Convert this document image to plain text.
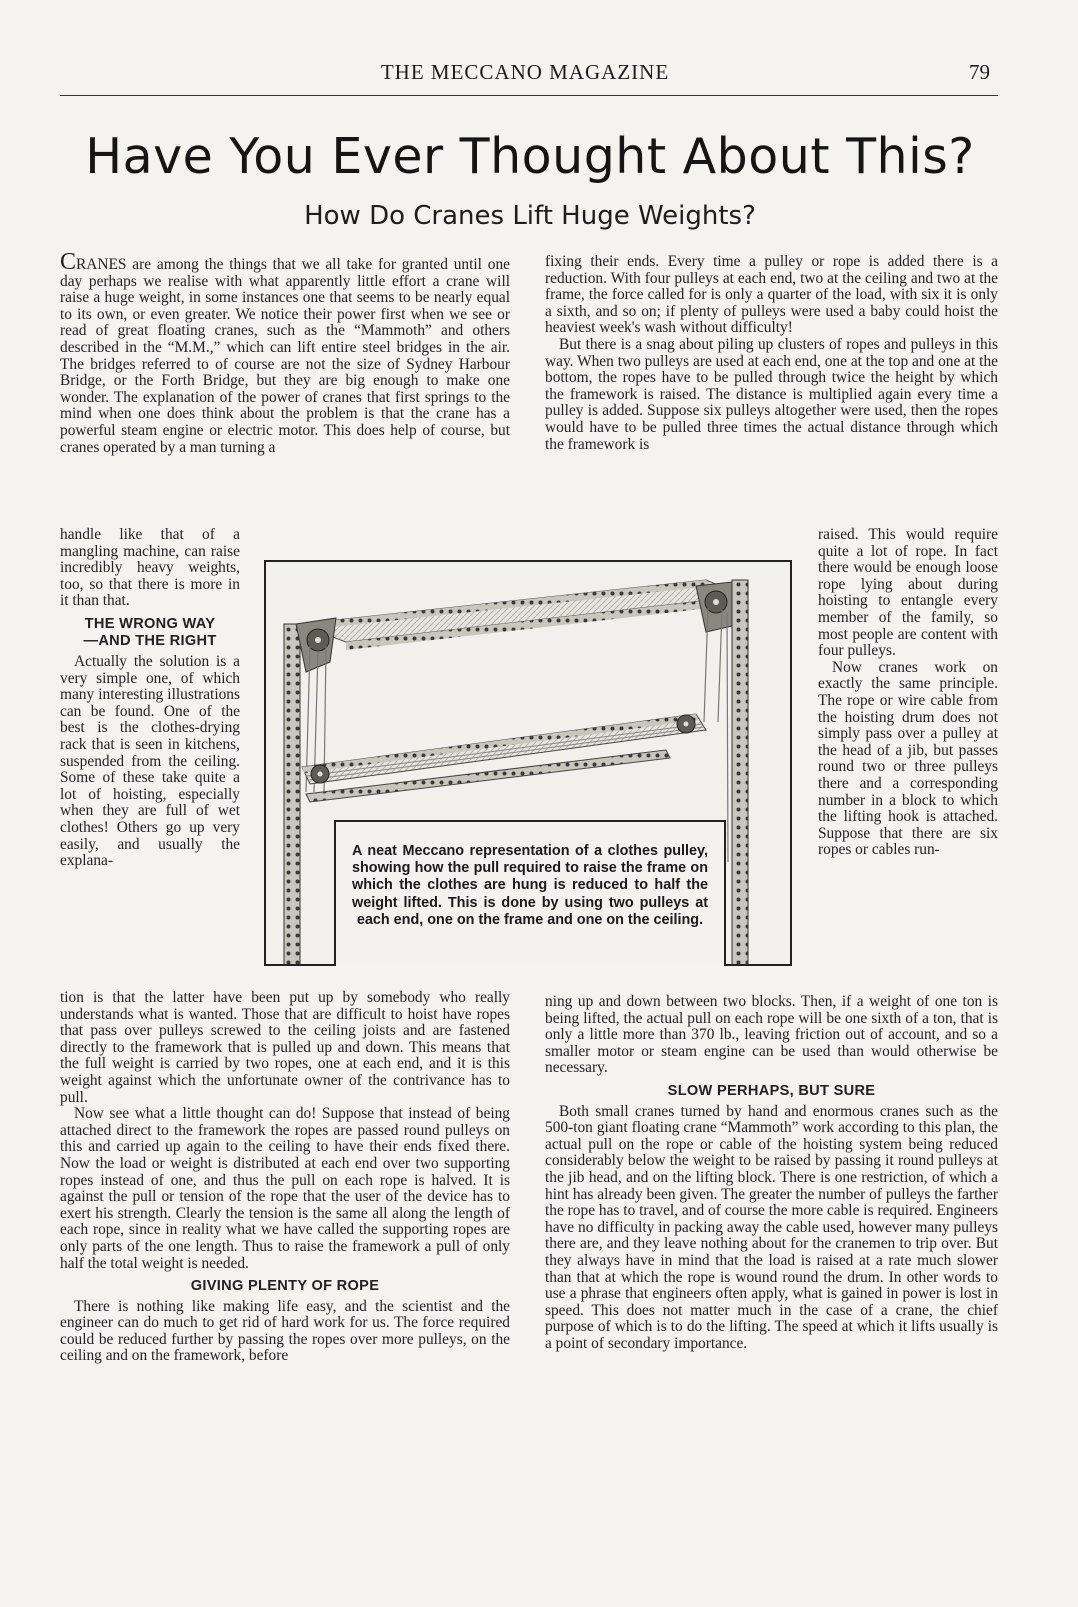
THE MECCANO MAGAZINE	79
Have You Ever Thought About This?
How Do Cranes Lift Huge Weights?

CRANES are among the things that we all take for granted until one day perhaps we realise with what apparently little effort a crane will raise a huge weight, in some instances one that seems to be nearly equal to its own, or even greater. We notice their power first when we see or read of great floating cranes, such as the “Mammoth” and others described in the “M.M.,” which can lift entire steel bridges in the air. The bridges referred to of course are not the size of Sydney Harbour Bridge, or the Forth Bridge, but they are big enough to make one wonder. The explanation of the power of cranes that first springs to the mind when one does think about the problem is that the crane has a powerful steam engine or electric motor. This does help of course, but cranes operated by a man turning a

handle like that of a mangling machine, can raise incredibly heavy weights, too, so that there is more in it than that.

THE WRONG WAY—AND THE RIGHT

Actually the solution is a very simple one, of which many interesting illustrations can be found. One of the best is the clothes-drying rack that is seen in kitchens, suspended from the ceiling. Some of these take quite a lot of hoisting, especially when they are full of wet clothes! Others go up very easily, and usually the explana-

tion is that the latter have been put up by somebody who really understands what is wanted. Those that are difficult to hoist have ropes that pass over pulleys screwed to the ceiling joists and are fastened directly to the framework that is pulled up and down. This means that the full weight is carried by two ropes, one at each end, and it is this weight against which the unfortunate owner of the contrivance has to pull.

Now see what a little thought can do! Suppose that instead of being attached direct to the framework the ropes are passed round pulleys on this and carried up again to the ceiling to have their ends fixed there. Now the load or weight is distributed at each end over two supporting ropes instead of one, and thus the pull on each rope is halved. It is against the pull or tension of the rope that the user of the device has to exert his strength. Clearly the tension is the same all along the length of each rope, since in reality what we have called the supporting ropes are only parts of the one length. Thus to raise the framework a pull of only half the total weight is needed.

GIVING PLENTY OF ROPE

There is nothing like making life easy, and the scientist and the engineer can do much to get rid of hard work for us. The force required could be reduced further by passing the ropes over more pulleys, on the ceiling and on the framework, before

fixing their ends. Every time a pulley or rope is added there is a reduction. With four pulleys at each end, two at the ceiling and two at the frame, the force called for is only a quarter of the load, with six it is only a sixth, and so on; if plenty of pulleys were used a baby could hoist the heaviest week's wash without difficulty!

But there is a snag about piling up clusters of ropes and pulleys in this way. When two pulleys are used at each end, one at the top and one at the bottom, the ropes have to be pulled through twice the height by which the framework is raised. The distance is multiplied again every time a pulley is added. Suppose six pulleys altogether were used, then the ropes would have to be pulled three times the actual distance through which the framework is

raised. This would require quite a lot of rope. In fact there would be enough loose rope lying about during hoisting to entangle every member of the family, so most people are content with four pulleys.

Now cranes work on exactly the same principle. The rope or wire cable from the hoisting drum does not simply pass over a pulley at the head of a jib, but passes round two or three pulleys there and a corresponding number in a block to which the lifting hook is attached. Suppose that there are six ropes or cables run-

ning up and down between two blocks. Then, if a weight of one ton is being lifted, the actual pull on each rope will be one sixth of a ton, that is only a little more than 370 lb., leaving friction out of account, and so a smaller motor or steam engine can be used than would otherwise be necessary.

SLOW PERHAPS, BUT SURE

Both small cranes turned by hand and enormous cranes such as the 500-ton giant floating crane “Mammoth” work according to this plan, the actual pull on the rope or cable of the hoisting system being reduced considerably below the weight to be raised by passing it round pulleys at the jib head, and on the lifting block. There is one restriction, of which a hint has already been given. The greater the number of pulleys the farther the rope has to travel, and of course the more cable is required. Engineers have no difficulty in packing away the cable used, however many pulleys there are, and they leave nothing about for the cranemen to trip over. But they always have in mind that the load is raised at a rate much slower than that at which the rope is wound round the drum. In other words to use a phrase that engineers often apply, what is gained in power is lost in speed. This does not matter much in the case of a crane, the chief purpose of which is to do the lifting. The speed at which it lifts usually is a point of secondary importance.

A neat Meccano representation of a clothes pulley, showing how the pull required to raise the frame on which the clothes are hung is reduced to half the weight lifted. This is done by using two pulleys at each end, one on the frame and one on the ceiling.
